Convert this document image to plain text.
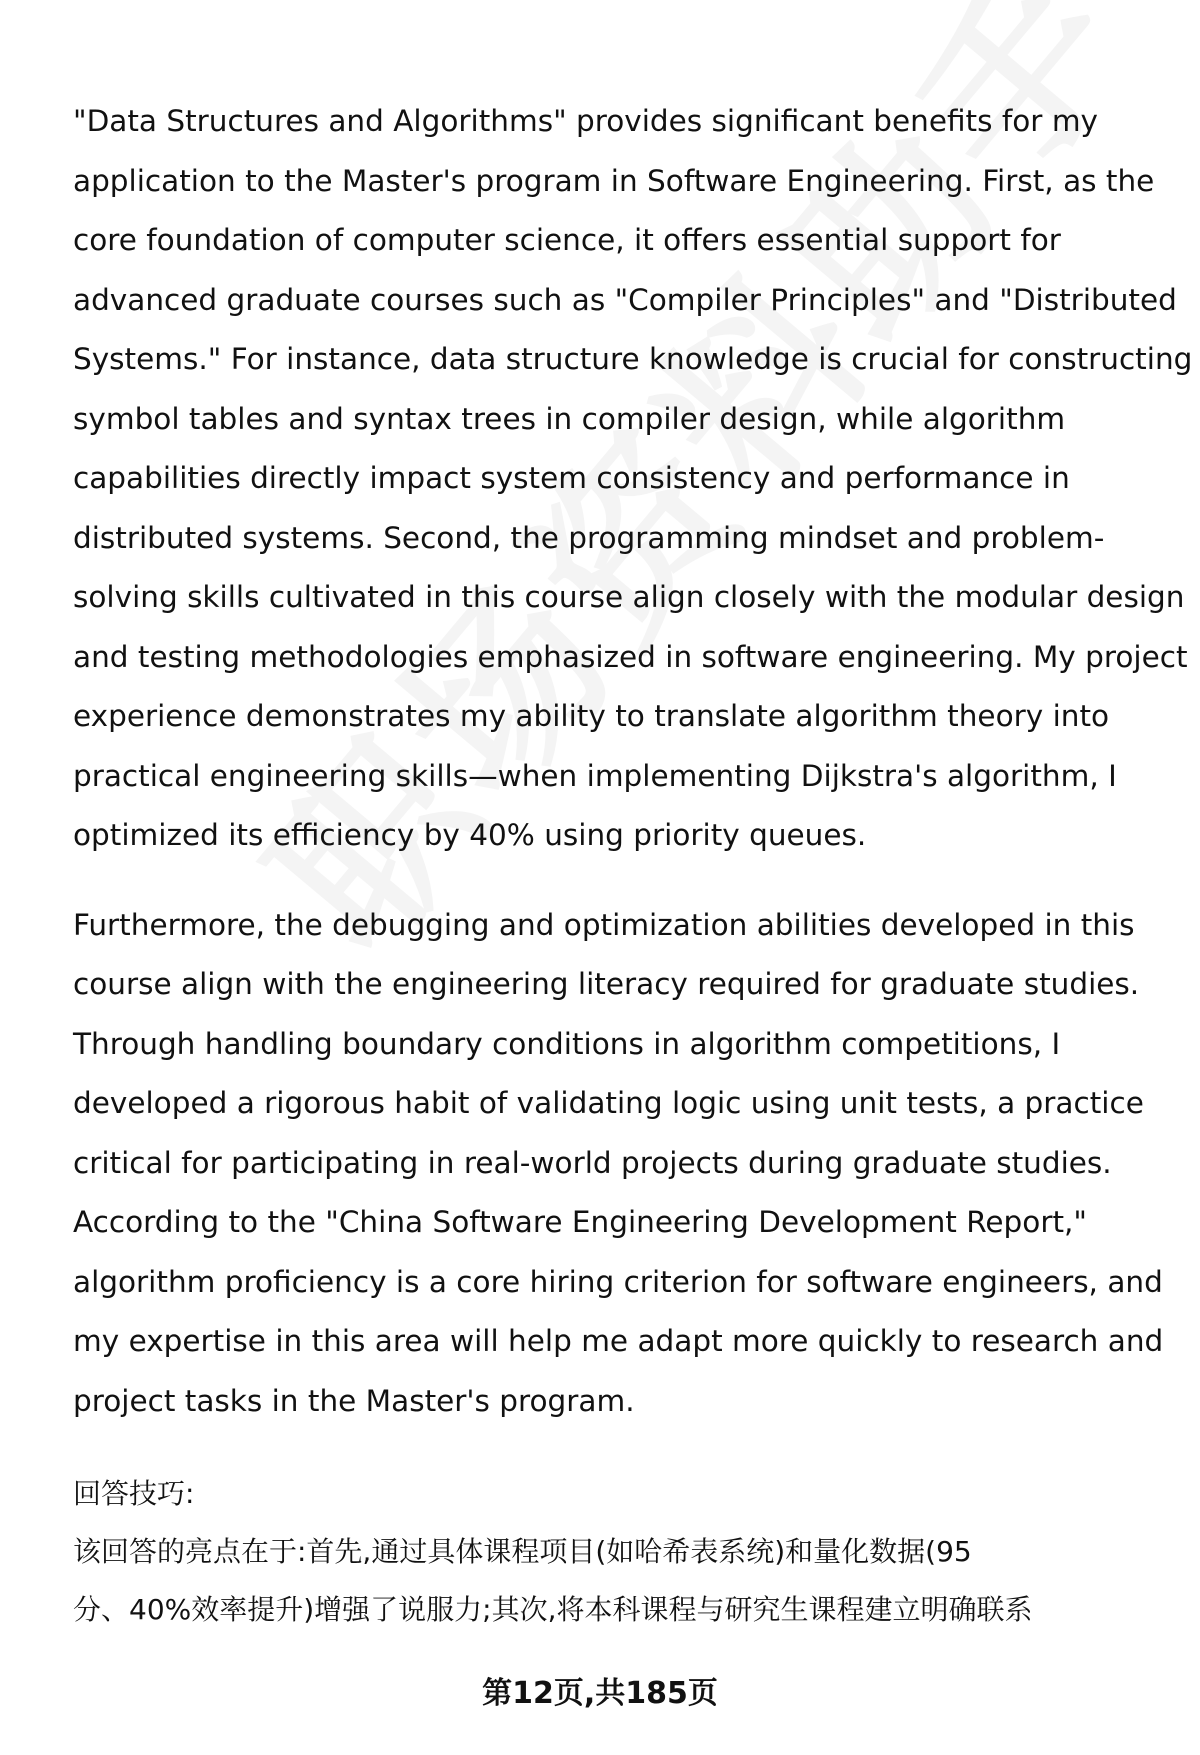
"Data Structures and Algorithms" provides significant benefits for my
application to the Master's program in Software Engineering. First, as the
core foundation of computer science, it offers essential support for
advanced graduate courses such as "Compiler Principles" and "Distributed
Systems." For instance, data structure knowledge is crucial for constructing
symbol tables and syntax trees in compiler design, while algorithm
capabilities directly impact system consistency and performance in
distributed systems. Second, the programming mindset and problem-
solving skills cultivated in this course align closely with the modular design
and testing methodologies emphasized in software engineering. My project
experience demonstrates my ability to translate algorithm theory into
practical engineering skills—when implementing Dijkstra's algorithm, I
optimized its efficiency by 40% using priority queues.

Furthermore, the debugging and optimization abilities developed in this
course align with the engineering literacy required for graduate studies.
Through handling boundary conditions in algorithm competitions, I
developed a rigorous habit of validating logic using unit tests, a practice
critical for participating in real-world projects during graduate studies.
According to the "China Software Engineering Development Report,"
algorithm proficiency is a core hiring criterion for software engineers, and
my expertise in this area will help me adapt more quickly to research and
project tasks in the Master's program.

回答技巧:
该回答的亮点在于:首先,通过具体课程项目(如哈希表系统)和量化数据(95
分、40%效率提升)增强了说服力;其次,将本科课程与研究生课程建立明确联系
第12页,共185页
